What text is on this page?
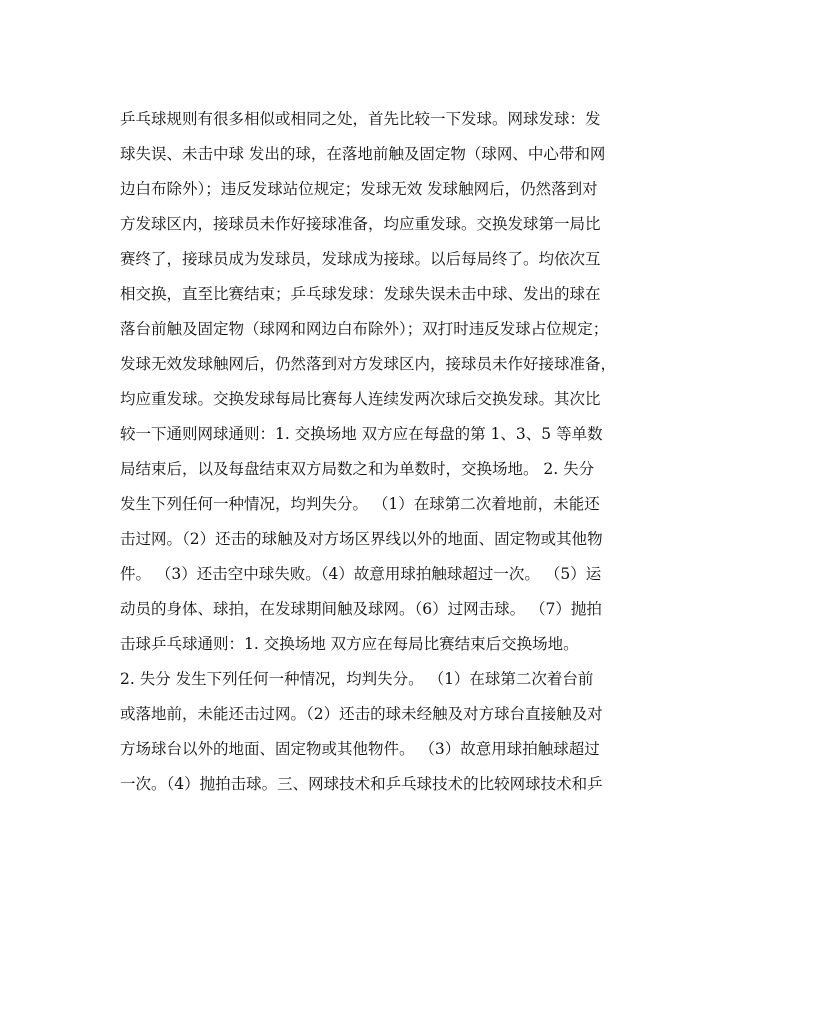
乒乓球规则有很多相似或相同之处，首先比较一下发球。网球发球：发
球失误、未击中球 发出的球，在落地前触及固定物（球网、中心带和网
边白布除外）；违反发球站位规定；发球无效 发球触网后，仍然落到对
方发球区内，接球员未作好接球准备，均应重发球。交换发球第一局比
赛终了，接球员成为发球员，发球成为接球。以后每局终了。均依次互
相交换，直至比赛结束；乒乓球发球：发球失误未击中球、发出的球在
落台前触及固定物（球网和网边白布除外）；双打时违反发球占位规定；
发球无效发球触网后，仍然落到对方发球区内，接球员未作好接球准备，
均应重发球。交换发球每局比赛每人连续发两次球后交换发球。其次比
较一下通则网球通则：1. 交换场地 双方应在每盘的第 1、3、5 等单数
局结束后，以及每盘结束双方局数之和为单数时，交换场地。 2. 失分
发生下列任何一种情况，均判失分。 （1）在球第二次着地前，未能还
击过网。（2）还击的球触及对方场区界线以外的地面、固定物或其他物
件。 （3）还击空中球失败。（4）故意用球拍触球超过一次。 （5）运
动员的身体、球拍，在发球期间触及球网。（6）过网击球。 （7）抛拍
击球乒乓球通则：1. 交换场地 双方应在每局比赛结束后交换场地。
2. 失分 发生下列任何一种情况，均判失分。 （1）在球第二次着台前
或落地前，未能还击过网。（2）还击的球未经触及对方球台直接触及对
方场球台以外的地面、固定物或其他物件。 （3）故意用球拍触球超过
一次。（4）抛拍击球。三、网球技术和乒乓球技术的比较网球技术和乒
